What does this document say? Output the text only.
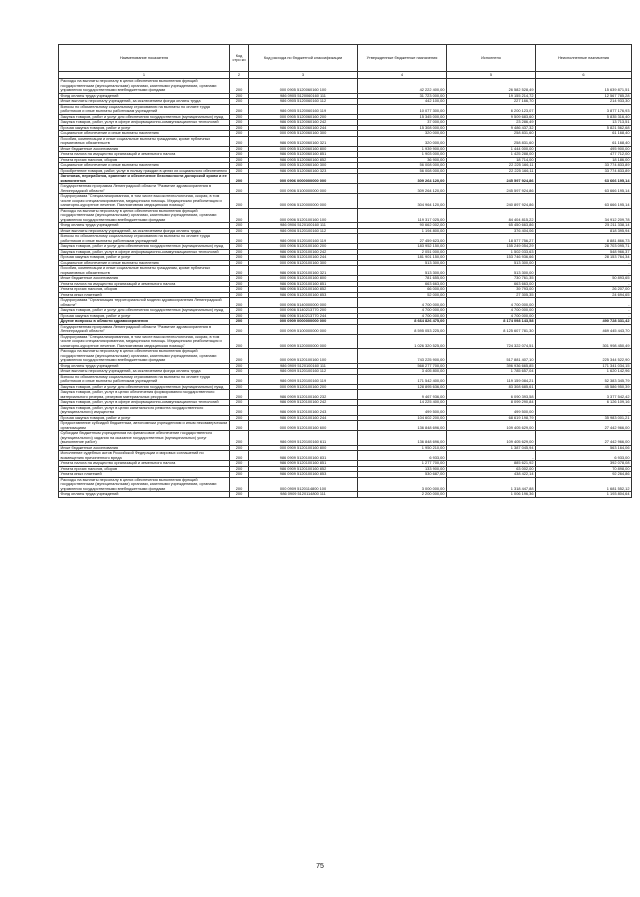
Наименование показателя	Код стро ки	Код расхода по бюджетной классификации	Утвержденные бюджетные назначения	Исполнено	Неисполненные назначения
1	2	3	4	5	6
Расходы на выплаты персоналу в целях обеспечения выполнения функций государственными (муниципальными) органами, казенными учреждениями, органами управления государственными внебюджетными фондами	200	000 0905 5120060160 100	42 222 400,00	26 582 528,49	15 639 871,51
Фонд оплаты труда учреждений	200	986 0905 5120060160 111	31 723 000,00	19 155 214,72	12 567 785,28
Иные выплаты персоналу учреждений, за исключением фонда оплаты труда	200	986 0905 5120060160 112	442 100,00	227 166,70	214 933,30
Взносы по обязательному социальному страхованию на выплаты по оплате труда работников и иные выплаты работникам учреждений	200	986 0905 5120060160 119	10 077 300,00	6 200 123,07	3 877 176,93
Закупка товаров, работ и услуг для обеспечения государственных (муниципальных) нужд	200	000 0905 5120060160 200	15 345 000,00	9 509 683,60	5 835 316,40
Закупка товаров, работ, услуг в сфере информационно-коммуникационных технологий	200	986 0905 5120060160 242	37 000,00	23 286,49	13 713,51
Прочая закупка товаров, работ и услуг	200	986 0905 5120060160 244	15 308 000,00	9 486 437,32	5 821 562,68
Социальное обеспечение и иные выплаты населению	200	000 0905 5120060160 300	320 000,00	258 831,60	61 168,40
Пособия, компенсации и иные социальные выплаты гражданам, кроме публичных нормативных обязательств	200	986 0905 5120060160 321	320 000,00	258 831,60	61 168,40
Иные бюджетные ассигнования	200	000 0905 5120060160 800	1 939 900,00	1 444 000,00	495 900,00
Уплата налога на имущество организаций и земельного налога	200	986 0905 5120060160 851	1 903 000,00	1 425 288,00	477 712,00
Уплата прочих налогов, сборов	200	986 0905 5120060160 852	36 900,00	18 714,00	18 186,00
Социальное обеспечение и иные выплаты населению	200	000 0905 5120060160 300	56 008 000,00	22 225 166,11	33 774 833,89
Приобретение товаров, работ, услуг в пользу граждан в целях их социального обеспечения	200	986 0905 5120060160 323	56 008 000,00	22 225 166,11	33 774 833,89
Заготовка, переработка, хранение и обеспечение безопасности донорской крови и ее компонентов	200	000 0906 0000000000 000	309 264 120,00	245 597 924,86	63 666 195,14
Государственная программа Ленинградской области "Развитие здравоохранения в Ленинградской области"	200	000 0906 5100000000 000	309 264 120,00	245 597 924,86	63 666 195,14
Подпрограмма "Специализированная, в том числе высокотехнологичная, скорая, в том числе скорая специализированная, медицинская помощь. Медицинская реабилитация и санаторно-курортное лечение. Паллиативная медицинская помощь"	200	000 0906 5120000000 000	304 964 120,00	240 897 924,86	63 666 195,14
Расходы на выплаты персоналу в целях обеспечения выполнения функций государственными (муниципальными) органами, казенными учреждениями, органами управления государственными внебюджетными фондами	200	000 0906 5120100160 100	119 317 025,00	84 404 815,22	34 912 209,78
Фонд оплаты труда учреждений	200	986 0906 5120100160 111	90 662 002,00	65 450 663,86	25 211 338,14
Иные выплаты персоналу учреждений, за исключением фонда оплаты труда	200	986 0906 5120100160 112	1 194 800,00	376 404,06	818 395,94
Взносы по обязательному социальному страхованию на выплаты по оплате труда работников и иные выплаты работникам учреждений	200	986 0906 5120100160 119	27 459 623,00	18 577 756,27	8 881 866,73
Закупка товаров, работ и услуг для обеспечения государственных (муниципальных) нужд	200	000 0906 5120100160 200	183 952 150,00	155 249 054,29	28 703 095,71
Закупка товаров, работ, услуг в сфере информационно-коммуникационных технологий	200	986 0906 5120100160 242	2 051 000,00	1 502 033,63	548 966,37
Прочая закупка товаров, работ и услуг	200	986 0906 5120100160 244	181 901 150,00	153 746 936,66	28 153 764,34
Социальное обеспечение и иные выплаты населению	200	000 0906 5120100160 300	513 300,00	513 300,00	-
Пособия, компенсации и иные социальные выплаты гражданам, кроме публичных нормативных обязательств	200	986 0906 5120100160 321	513 300,00	513 300,00	-
Иные бюджетные ассигнования	200	000 0906 5120100160 800	781 655,00	730 761,35	50 893,65
Уплата налога на имущество организаций и земельного налога	200	986 0906 5120100160 851	663 663,00	663 663,00	-
Уплата прочих налогов, сборов	200	986 0906 5120100160 852	66 000,00	39 793,00	26 207,00
Уплата иных платежей	200	986 0906 5120100160 853	52 000,00	27 305,35	24 694,65
Подпрограмма "Организация территориальной модели здравоохранения Ленинградской области"	200	000 0906 5140000000 000	4 700 000,00	4 700 000,00	-
Закупка товаров, работ и услуг для обеспечения государственных (муниципальных) нужд	200	000 0906 5140213770 200	4 700 000,00	4 700 000,00	-
Прочая закупка товаров, работ и услуг	200	986 0906 5140213770 244	4 700 000,00	4 700 000,00	-
Другие вопросы в области здравоохранения	200	000 0909 0000000000 000	8 664 826 475,00	8 174 098 143,58	490 728 331,42
Государственная программа Ленинградской области "Развитие здравоохранения в Ленинградской области"	200	000 0909 5100000000 000	8 595 053 225,00	8 125 607 781,30	469 445 443,70
Подпрограмма "Специализированная, в том числе высокотехнологичная, скорая, в том числе скорая специализированная, медицинская помощь. Медицинская реабилитация и санаторно-курортное лечение. Паллиативная медицинская помощь"	200	000 0909 5120000000 000	1 026 320 525,00	724 322 074,51	301 998 450,49
Расходы на выплаты персоналу в целях обеспечения выполнения функций государственными (муниципальными) органами, казенными учреждениями, органами управления государственными внебюджетными фондами	200	000 0909 5120100160 100	743 225 900,00	517 881 407,10	225 344 522,90
Фонд оплаты труда учреждений	200	986 0909 5120100160 111	568 277 700,00	396 936 665,85	171 341 034,15
Иные выплаты персоналу учреждений, за исключением фонда оплаты труда	200	986 0909 5120100160 112	3 405 800,00	1 785 657,04	1 620 142,96
Взносы по обязательному социальному страхованию на выплаты по оплате труда работников и иные выплаты работникам учреждений	200	986 0909 5120100160 119	171 542 400,00	119 159 084,21	52 383 345,79
Закупка товаров, работ и услуг для обеспечения государственных (муниципальных) нужд	200	000 0909 5120100160 200	128 895 636,00	83 308 685,61	45 586 950,39
Закупка товаров, работ, услуг в целях обеспечения формирования государственного материального резерва, резервов материальных ресурсов	200	986 0909 5120100160 232	9 467 936,00	6 090 393,58	3 377 542,42
Закупка товаров, работ, услуг в сфере информационно-коммуникационных технологий	200	986 0909 5120100160 242	14 225 400,00	8 099 290,84	6 126 109,16
Закупка товаров, работ, услуг в целях капитального ремонта государственного (муниципального) имущества	200	986 0909 5120100160 243	499 500,00	499 500,00	-
Прочая закупка товаров, работ и услуг	200	986 0909 5120100160 244	104 602 200,00	68 619 198,79	35 983 001,21
Предоставление субсидий бюджетным, автономным учреждениям и иным некоммерческим организациям	200	000 0909 5120100160 600	136 848 696,00	109 405 629,00	27 442 966,00
Субсидии бюджетным учреждениям на финансовое обеспечение государственного (муниципального) задания на оказание государственных (муниципальных) услуг (выполнение работ)	200	986 0909 5120100160 611	136 848 696,00	109 405 629,00	27 442 966,00
Иные бюджетные ассигнования	200	000 0909 5120100160 800	1 950 210,00	1 387 045,94	563 164,06
Исполнение судебных актов Российской Федерации и мировых соглашений по возмещению причиненного вреда	200	986 0909 5120100160 831	6 933,00	-	6 933,00
Уплата налога на имущество организаций и земельного налога	200	986 0909 5120100160 851	1 277 700,00	885 621,92	392 078,08
Уплата прочих налогов, сборов	200	986 0909 5120100160 852	133 900,00	63 002,00	70 898,00
Уплата иных платежей	200	986 0909 5120100160 853	530 687,00	438 422,14	92 264,86
Расходы на выплаты персоналу в целях обеспечения выполнения функций государственными (муниципальными) органами, казенными учреждениями, органами управления государственными внебюджетными фондами	200	000 0909 5120114800 100	3 000 000,00	1 318 447,88	1 681 552,12
Фонд оплаты труда учреждений	200	986 0909 5120114800 111	2 200 000,00	1 006 196,36	1 193 804,64
75
